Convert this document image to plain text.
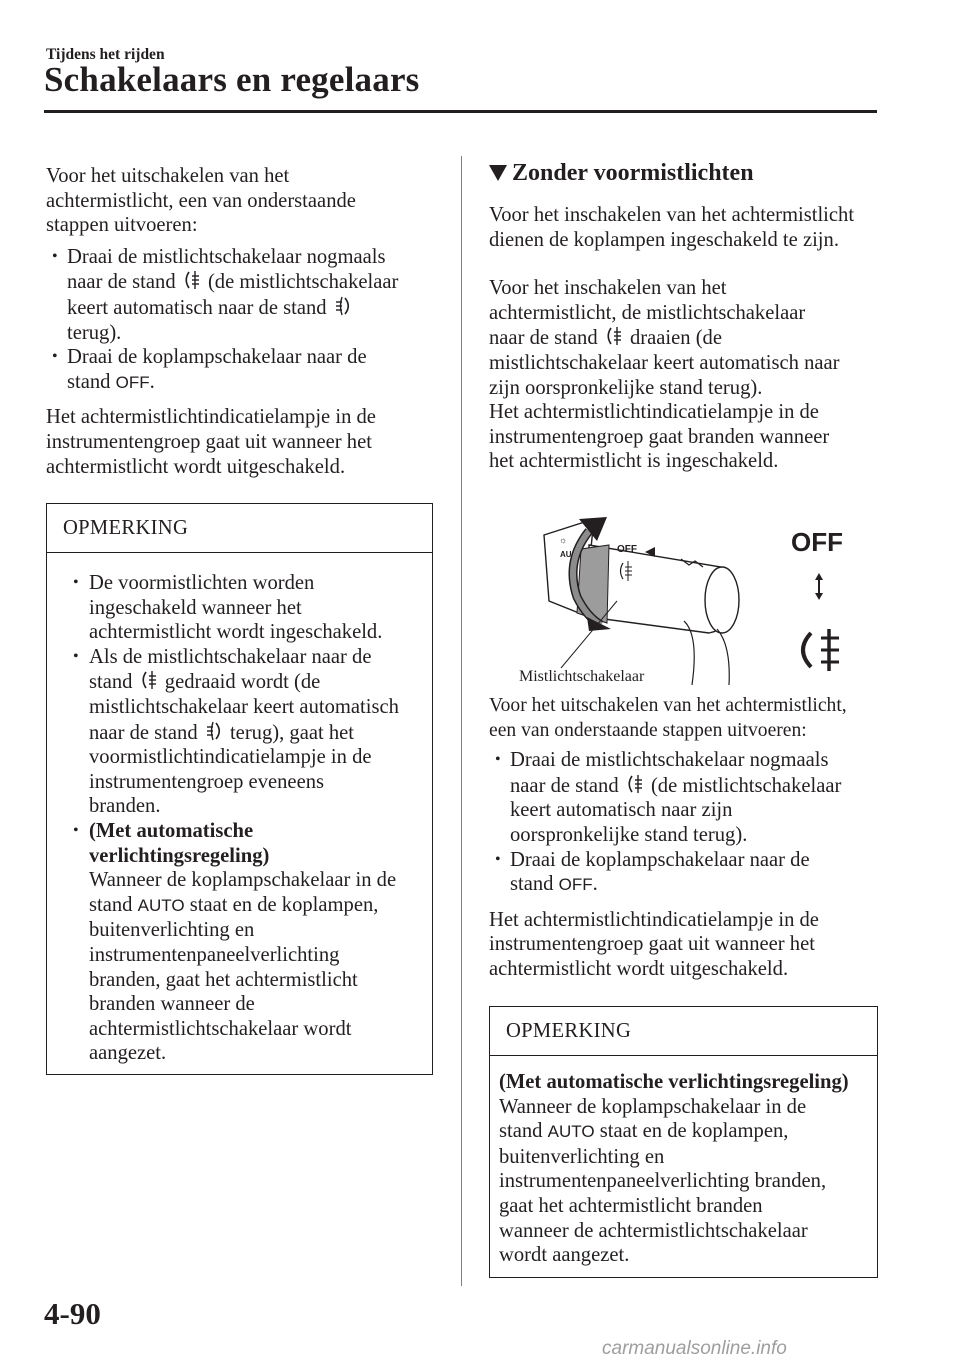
Tijdens het rijden

Schakelaars en regelaars

Voor het uitschakelen van het
achtermistlicht, een van onderstaande
stappen uitvoeren:

• Draai de mistlichtschakelaar nogmaals
naar de stand (de mistlichtschakelaar
keert automatisch naar de stand
terug).
• Draai de koplampschakelaar naar de
stand OFF.

Het achtermistlichtindicatielampje in de
instrumentengroep gaat uit wanneer het
achtermistlicht wordt uitgeschakeld.

OPMERKING
• De voormistlichten worden
ingeschakeld wanneer het
achtermistlicht wordt ingeschakeld.
• Als de mistlichtschakelaar naar de
stand gedraaid wordt (de
mistlichtschakelaar keert automatisch
naar de stand terug), gaat het
voormistlichtindicatielampje in de
instrumentengroep eveneens
branden.
• (Met automatische
verlichtingsregeling)
Wanneer de koplampschakelaar in de
stand AUTO staat en de koplampen,
buitenverlichting en
instrumentenpaneelverlichting
branden, gaat het achtermistlicht
branden wanneer de
achtermistlichtschakelaar wordt
aangezet.
Zonder voormistlichten

Voor het inschakelen van het achtermistlicht
dienen de koplampen ingeschakeld te zijn.

Voor het inschakelen van het
achtermistlicht, de mistlichtschakelaar
naar de stand draaien (de
mistlichtschakelaar keert automatisch naar
zijn oorspronkelijke stand terug).
Het achtermistlichtindicatielampje in de
instrumentengroep gaat branden wanneer
het achtermistlicht is ingeschakeld.

☼
AU	OFF	OFF
Mistlichtschakelaar

Voor het uitschakelen van het achtermistlicht,
een van onderstaande stappen uitvoeren:

• Draai de mistlichtschakelaar nogmaals
naar de stand (de mistlichtschakelaar
keert automatisch naar zijn
oorspronkelijke stand terug).
• Draai de koplampschakelaar naar de
stand OFF.

Het achtermistlichtindicatielampje in de
instrumentengroep gaat uit wanneer het
achtermistlicht wordt uitgeschakeld.

OPMERKING
(Met automatische verlichtingsregeling)
Wanneer de koplampschakelaar in de
stand AUTO staat en de koplampen,
buitenverlichting en
instrumentenpaneelverlichting branden,
gaat het achtermistlicht branden
wanneer de achtermistlichtschakelaar
wordt aangezet.

4-90

carmanualsonline.info
